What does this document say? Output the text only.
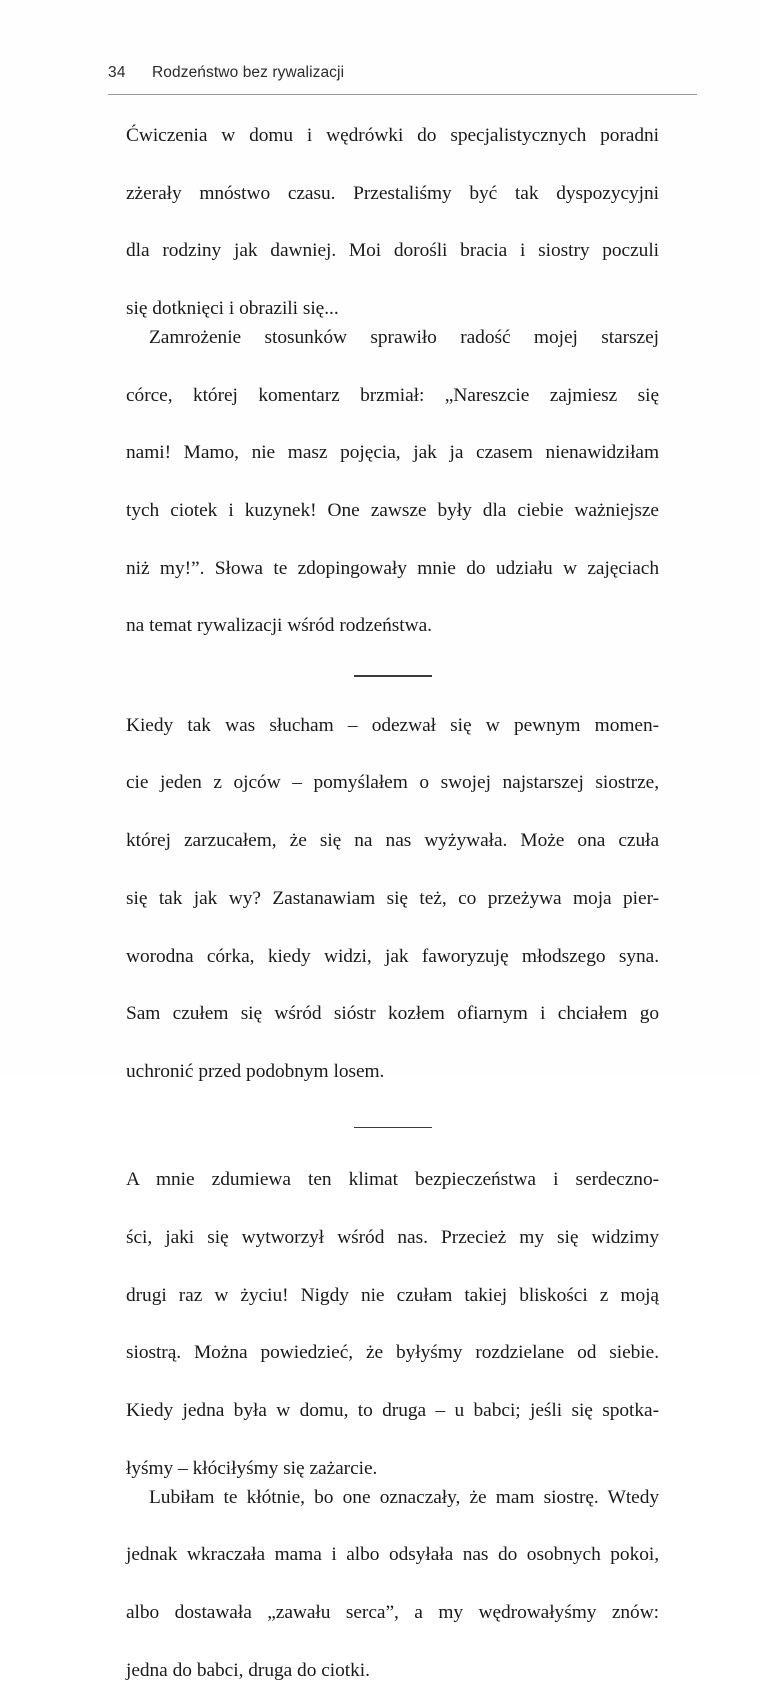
34	Rodzeństwo bez rywalizacji

Ćwiczenia w domu i wędrówki do specjalistycznych poradni
zżerały mnóstwo czasu. Przestaliśmy być tak dyspozycyjni
dla rodziny jak dawniej. Moi dorośli bracia i siostry poczuli
się dotknięci i obrazili się...

Zamrożenie stosunków sprawiło radość mojej starszej
córce, której komentarz brzmiał: „Nareszcie zajmiesz się
nami! Mamo, nie masz pojęcia, jak ja czasem nienawidziłam
tych ciotek i kuzynek! One zawsze były dla ciebie ważniejsze
niż my!”. Słowa te zdopingowały mnie do udziału w zajęciach
na temat rywalizacji wśród rodzeństwa.

Kiedy tak was słucham – odezwał się w pewnym momen-
cie jeden z ojców – pomyślałem o swojej najstarszej siostrze,
której zarzucałem, że się na nas wyżywała. Może ona czuła
się tak jak wy? Zastanawiam się też, co przeżywa moja pier-
worodna córka, kiedy widzi, jak faworyzuję młodszego syna.
Sam czułem się wśród sióstr kozłem ofiarnym i chciałem go
uchronić przed podobnym losem.

A mnie zdumiewa ten klimat bezpieczeństwa i serdeczno-
ści, jaki się wytworzył wśród nas. Przecież my się widzimy
drugi raz w życiu! Nigdy nie czułam takiej bliskości z moją
siostrą. Można powiedzieć, że byłyśmy rozdzielane od siebie.
Kiedy jedna była w domu, to druga – u babci; jeśli się spotka-
łyśmy – kłóciłyśmy się zażarcie.

Lubiłam te kłótnie, bo one oznaczały, że mam siostrę. Wtedy
jednak wkraczała mama i albo odsyłała nas do osobnych pokoi,
albo dostawała „zawału serca”, a my wędrowałyśmy znów:
jedna do babci, druga do ciotki.
